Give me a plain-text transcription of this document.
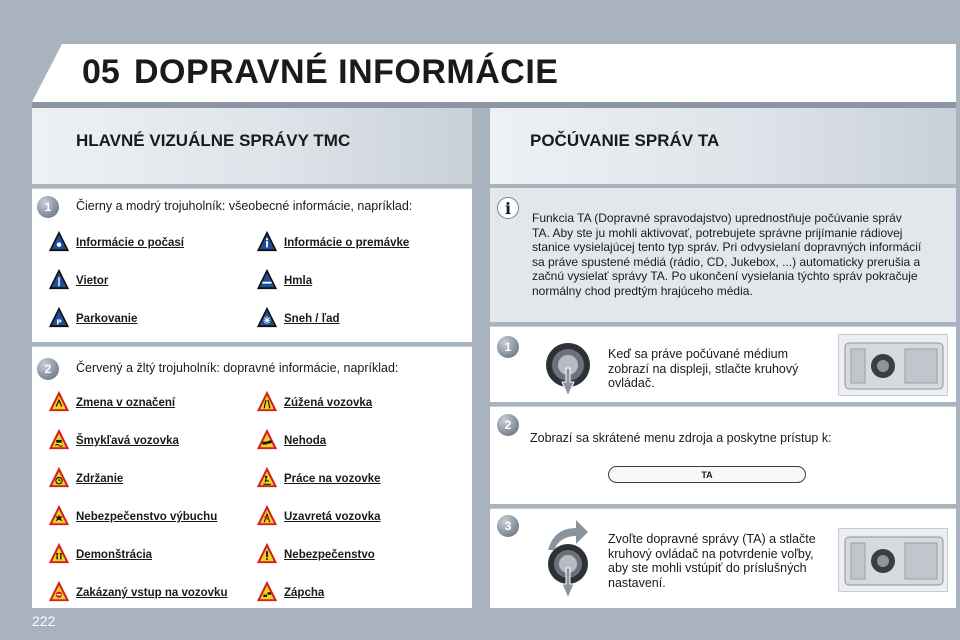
05 DOPRAVNÉ INFORMÁCIE
HLAVNÉ VIZUÁLNE SPRÁVY TMC	POČÚVANIE SPRÁV TA
1	Čierny a modrý trojuholník: všeobecné informácie, napríklad:
Informácie o počasí	Informácie o premávke
Vietor	Hmla
P Parkovanie	Sneh / ľad
2	Červený a žltý trojuholník: dopravné informácie, napríklad:
Zmena v označení	Zúžená vozovka
Šmykľavá vozovka	Nehoda
Zdržanie	Práce na vozovke
Nebezpečenstvo výbuchu	Uzavretá vozovka
Demonštrácia	Nebezpečenstvo
Zakázaný vstup na vozovku	Zápcha
i
Funkcia TA (Dopravné spravodajstvo) uprednostňuje počúvanie správ TA. Aby ste ju mohli aktivovať, potrebujete správne prijímanie rádiovej stanice vysielajúcej tento typ správ. Pri odvysielaní dopravných informácií sa práve spustené médiá (rádio, CD, Jukebox, ...) automaticky prerušia a začnú vysielať správy TA. Po ukončení vysielania týchto správ pokračuje normálny chod predtým hrajúceho média.
1	Keď sa práve počúvané médium zobrazí na displeji, stlačte kruhový ovládač.
2
Zobrazí sa skrátené menu zdroja a poskytne prístup k:
TA
3
Zvoľte dopravné správy (TA) a stlačte kruhový ovládač na potvrdenie voľby, aby ste mohli vstúpiť do príslušných nastavení.
222
